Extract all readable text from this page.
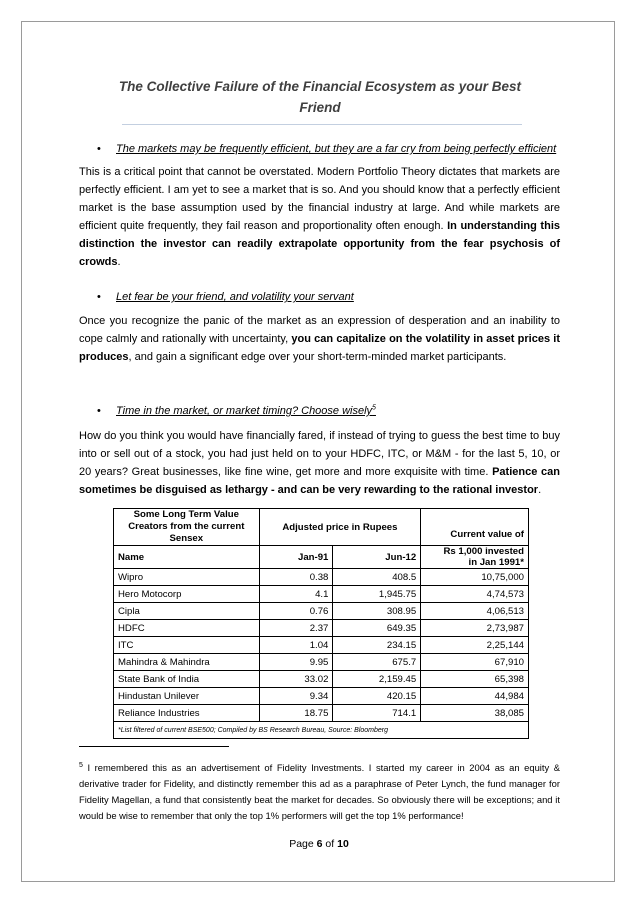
The Collective Failure of the Financial Ecosystem as your Best
Friend
• The markets may be frequently efficient, but they are a far cry from being perfectly efficient
This is a critical point that cannot be overstated. Modern Portfolio Theory dictates that markets are perfectly efficient. I am yet to see a market that is so. And you should know that a perfectly efficient market is the base assumption used by the financial industry at large. And while markets are efficient quite frequently, they fail reason and proportionality often enough. In understanding this distinction the investor can readily extrapolate opportunity from the fear psychosis of crowds.
• Let fear be your friend, and volatility your servant
Once you recognize the panic of the market as an expression of desperation and an inability to cope calmly and rationally with uncertainty, you can capitalize on the volatility in asset prices it produces, and gain a significant edge over your short-term-minded market participants.
• Time in the market, or market timing? Choose wisely$^5$
How do you think you would have financially fared, if instead of trying to guess the best time to buy into or sell out of a stock, you had just held on to your HDFC, ITC, or M&M - for the last 5, 10, or 20 years? Great businesses, like fine wine, get more and more exquisite with time. Patience can sometimes be disguised as lethargy - and can be very rewarding to the rational investor.
Some Long Term Value Creators from the current Sensex	Adjusted price in Rupees		Current value of
Name	Jan-91	Jun-12	Rs 1,000 invested
in Jan 1991*

Wipro	0.38	408.5	10,75,000
Hero Motocorp	4.1	1,945.75	4,74,573
Cipla	0.76	308.95	4,06,513
HDFC	2.37	649.35	2,73,987
ITC	1.04	234.15	2,25,144
Mahindra & Mahindra	9.95	675.7	67,910
State Bank of India	33.02	2,159.45	65,398
Hindustan Unilever	9.34	420.15	44,984
Reliance Industries	18.75	714.1	38,085
*List filtered of current BSE500; Compiled by BS Research Bureau, Source: Bloomberg			
$^5$ I remembered this as an advertisement of Fidelity Investments. I started my career in 2004 as an equity & derivative trader for Fidelity, and distinctly remember this ad as a paraphrase of Peter Lynch, the fund manager for Fidelity Magellan, a fund that consistently beat the market for decades. So obviously there will be exceptions; and it would be wise to remember that only the top 1% performers will get the top 1% performance!
Page 6 of 10
